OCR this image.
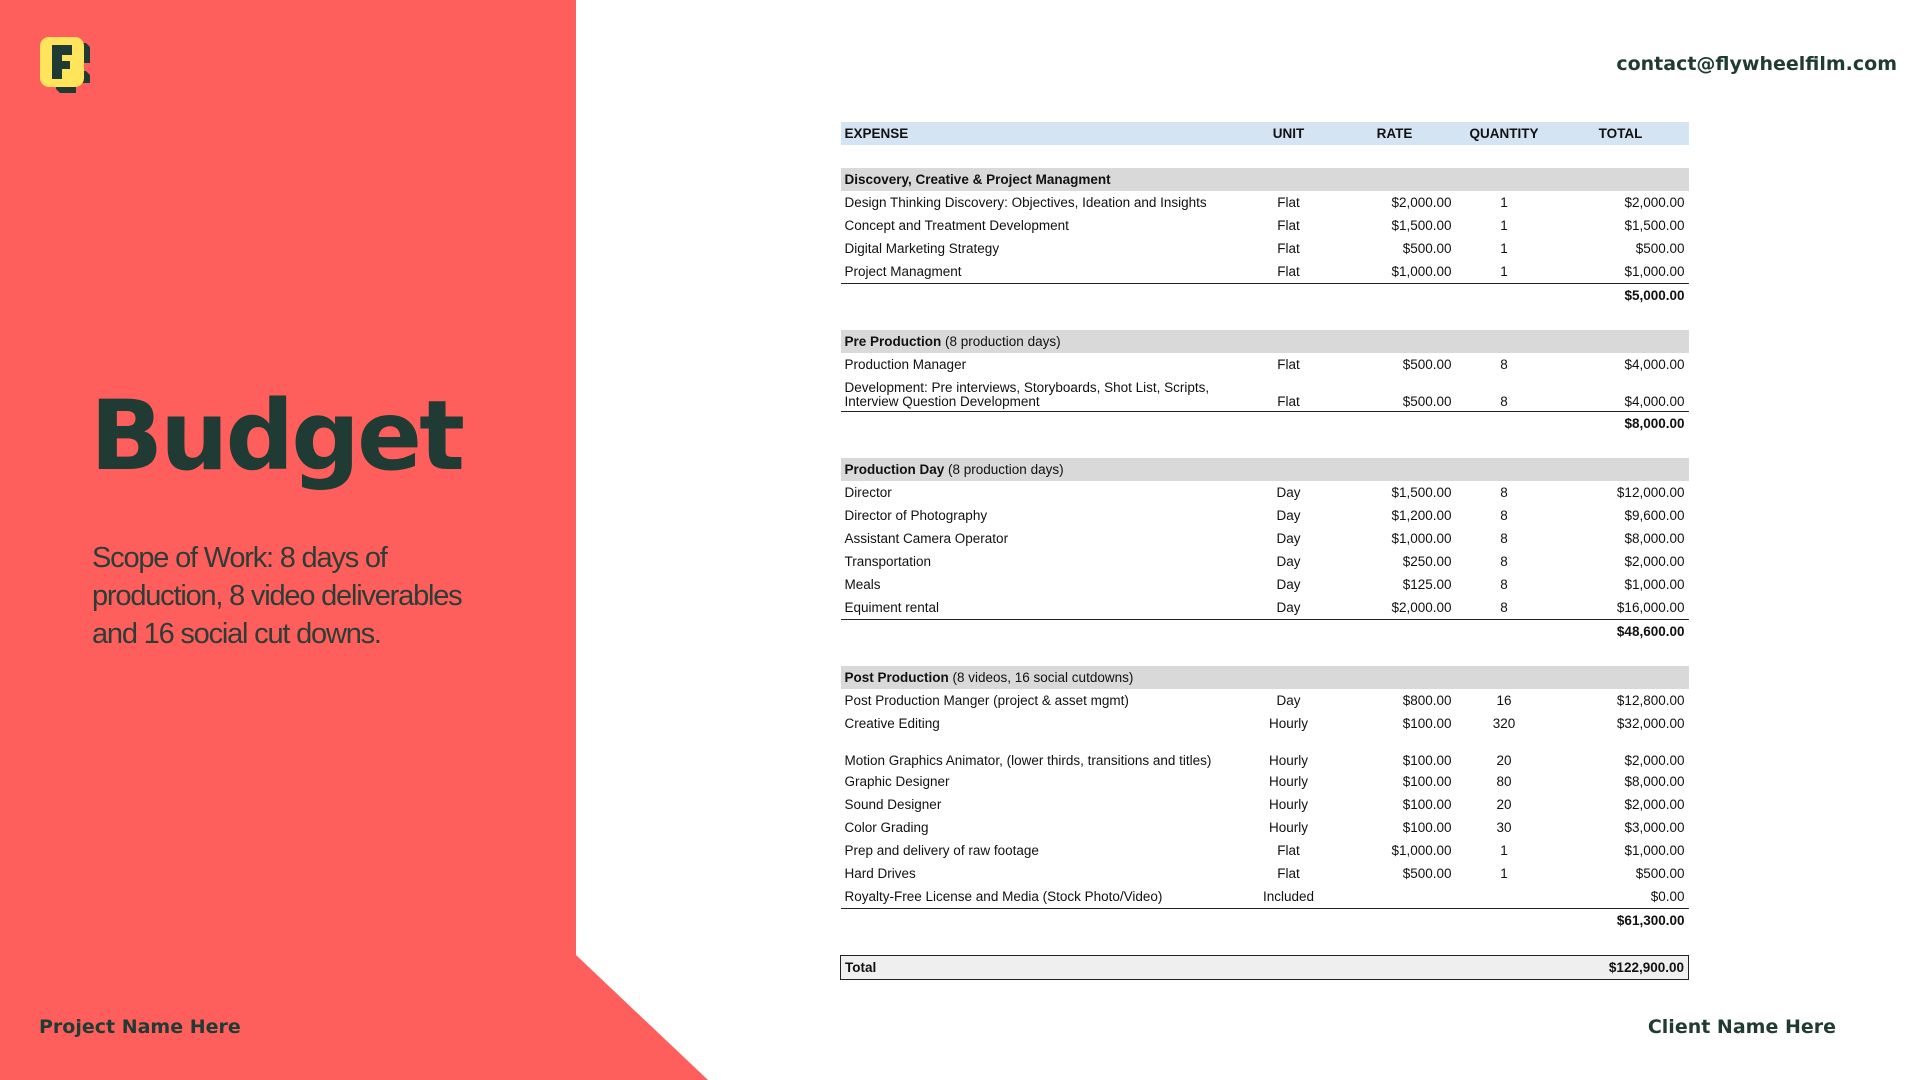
contact@flywheelfilm.com
Budget

Scope of Work: 8 days of production, 8 video deliverables and 16 social cut downs.

Project Name Here	Client Name Here
EXPENSE	UNIT	RATE	QUANTITY	TOTAL

Discovery, Creative & Project Managment				
Design Thinking Discovery: Objectives, Ideation and Insights	Flat	$2,000.00	1	$2,000.00
Concept and Treatment Development	Flat	$1,500.00	1	$1,500.00
Digital Marketing Strategy	Flat	$500.00	1	$500.00
Project Managment	Flat	$1,000.00	1	$1,000.00
				$5,000.00

Pre Production (8 production days)				
Production Manager	Flat	$500.00	8	$4,000.00
Development: Pre interviews, Storyboards, Shot List, Scripts, Interview Question Development	Flat	$500.00	8	$4,000.00
				$8,000.00

Production Day (8 production days)				
Director	Day	$1,500.00	8	$12,000.00
Director of Photography	Day	$1,200.00	8	$9,600.00
Assistant Camera Operator	Day	$1,000.00	8	$8,000.00
Transportation	Day	$250.00	8	$2,000.00
Meals	Day	$125.00	8	$1,000.00
Equiment rental	Day	$2,000.00	8	$16,000.00
				$48,600.00

Post Production (8 videos, 16 social cutdowns)				
Post Production Manger (project & asset mgmt)	Day	$800.00	16	$12,800.00
Creative Editing	Hourly	$100.00	320	$32,000.00
Motion Graphics Animator, (lower thirds, transitions and titles)	Hourly	$100.00	20	$2,000.00
Graphic Designer	Hourly	$100.00	80	$8,000.00
Sound Designer	Hourly	$100.00	20	$2,000.00
Color Grading	Hourly	$100.00	30	$3,000.00
Prep and delivery of raw footage	Flat	$1,000.00	1	$1,000.00
Hard Drives	Flat	$500.00	1	$500.00
Royalty-Free License and Media (Stock Photo/Video)	Included			$0.00
				$61,300.00

Total				$122,900.00
